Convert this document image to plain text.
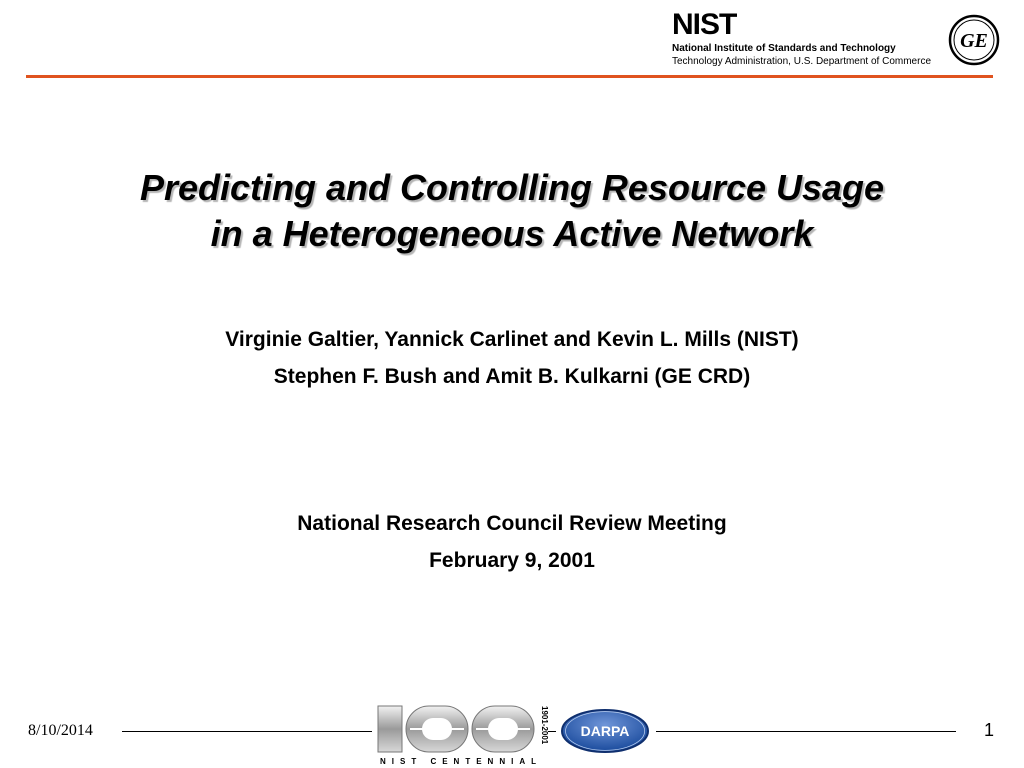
NIST
National Institute of Standards and Technology
Technology Administration, U.S. Department of Commerce
GE
Predicting and Controlling Resource Usage
in a Heterogeneous Active Network
Virginie Galtier, Yannick Carlinet and Kevin L. Mills (NIST)
Stephen F. Bush and Amit B. Kulkarni (GE CRD)
National Research Council Review Meeting
February 9, 2001
8/10/2014	1901-2001
NIST CENTENNIAL
DARPA	1
